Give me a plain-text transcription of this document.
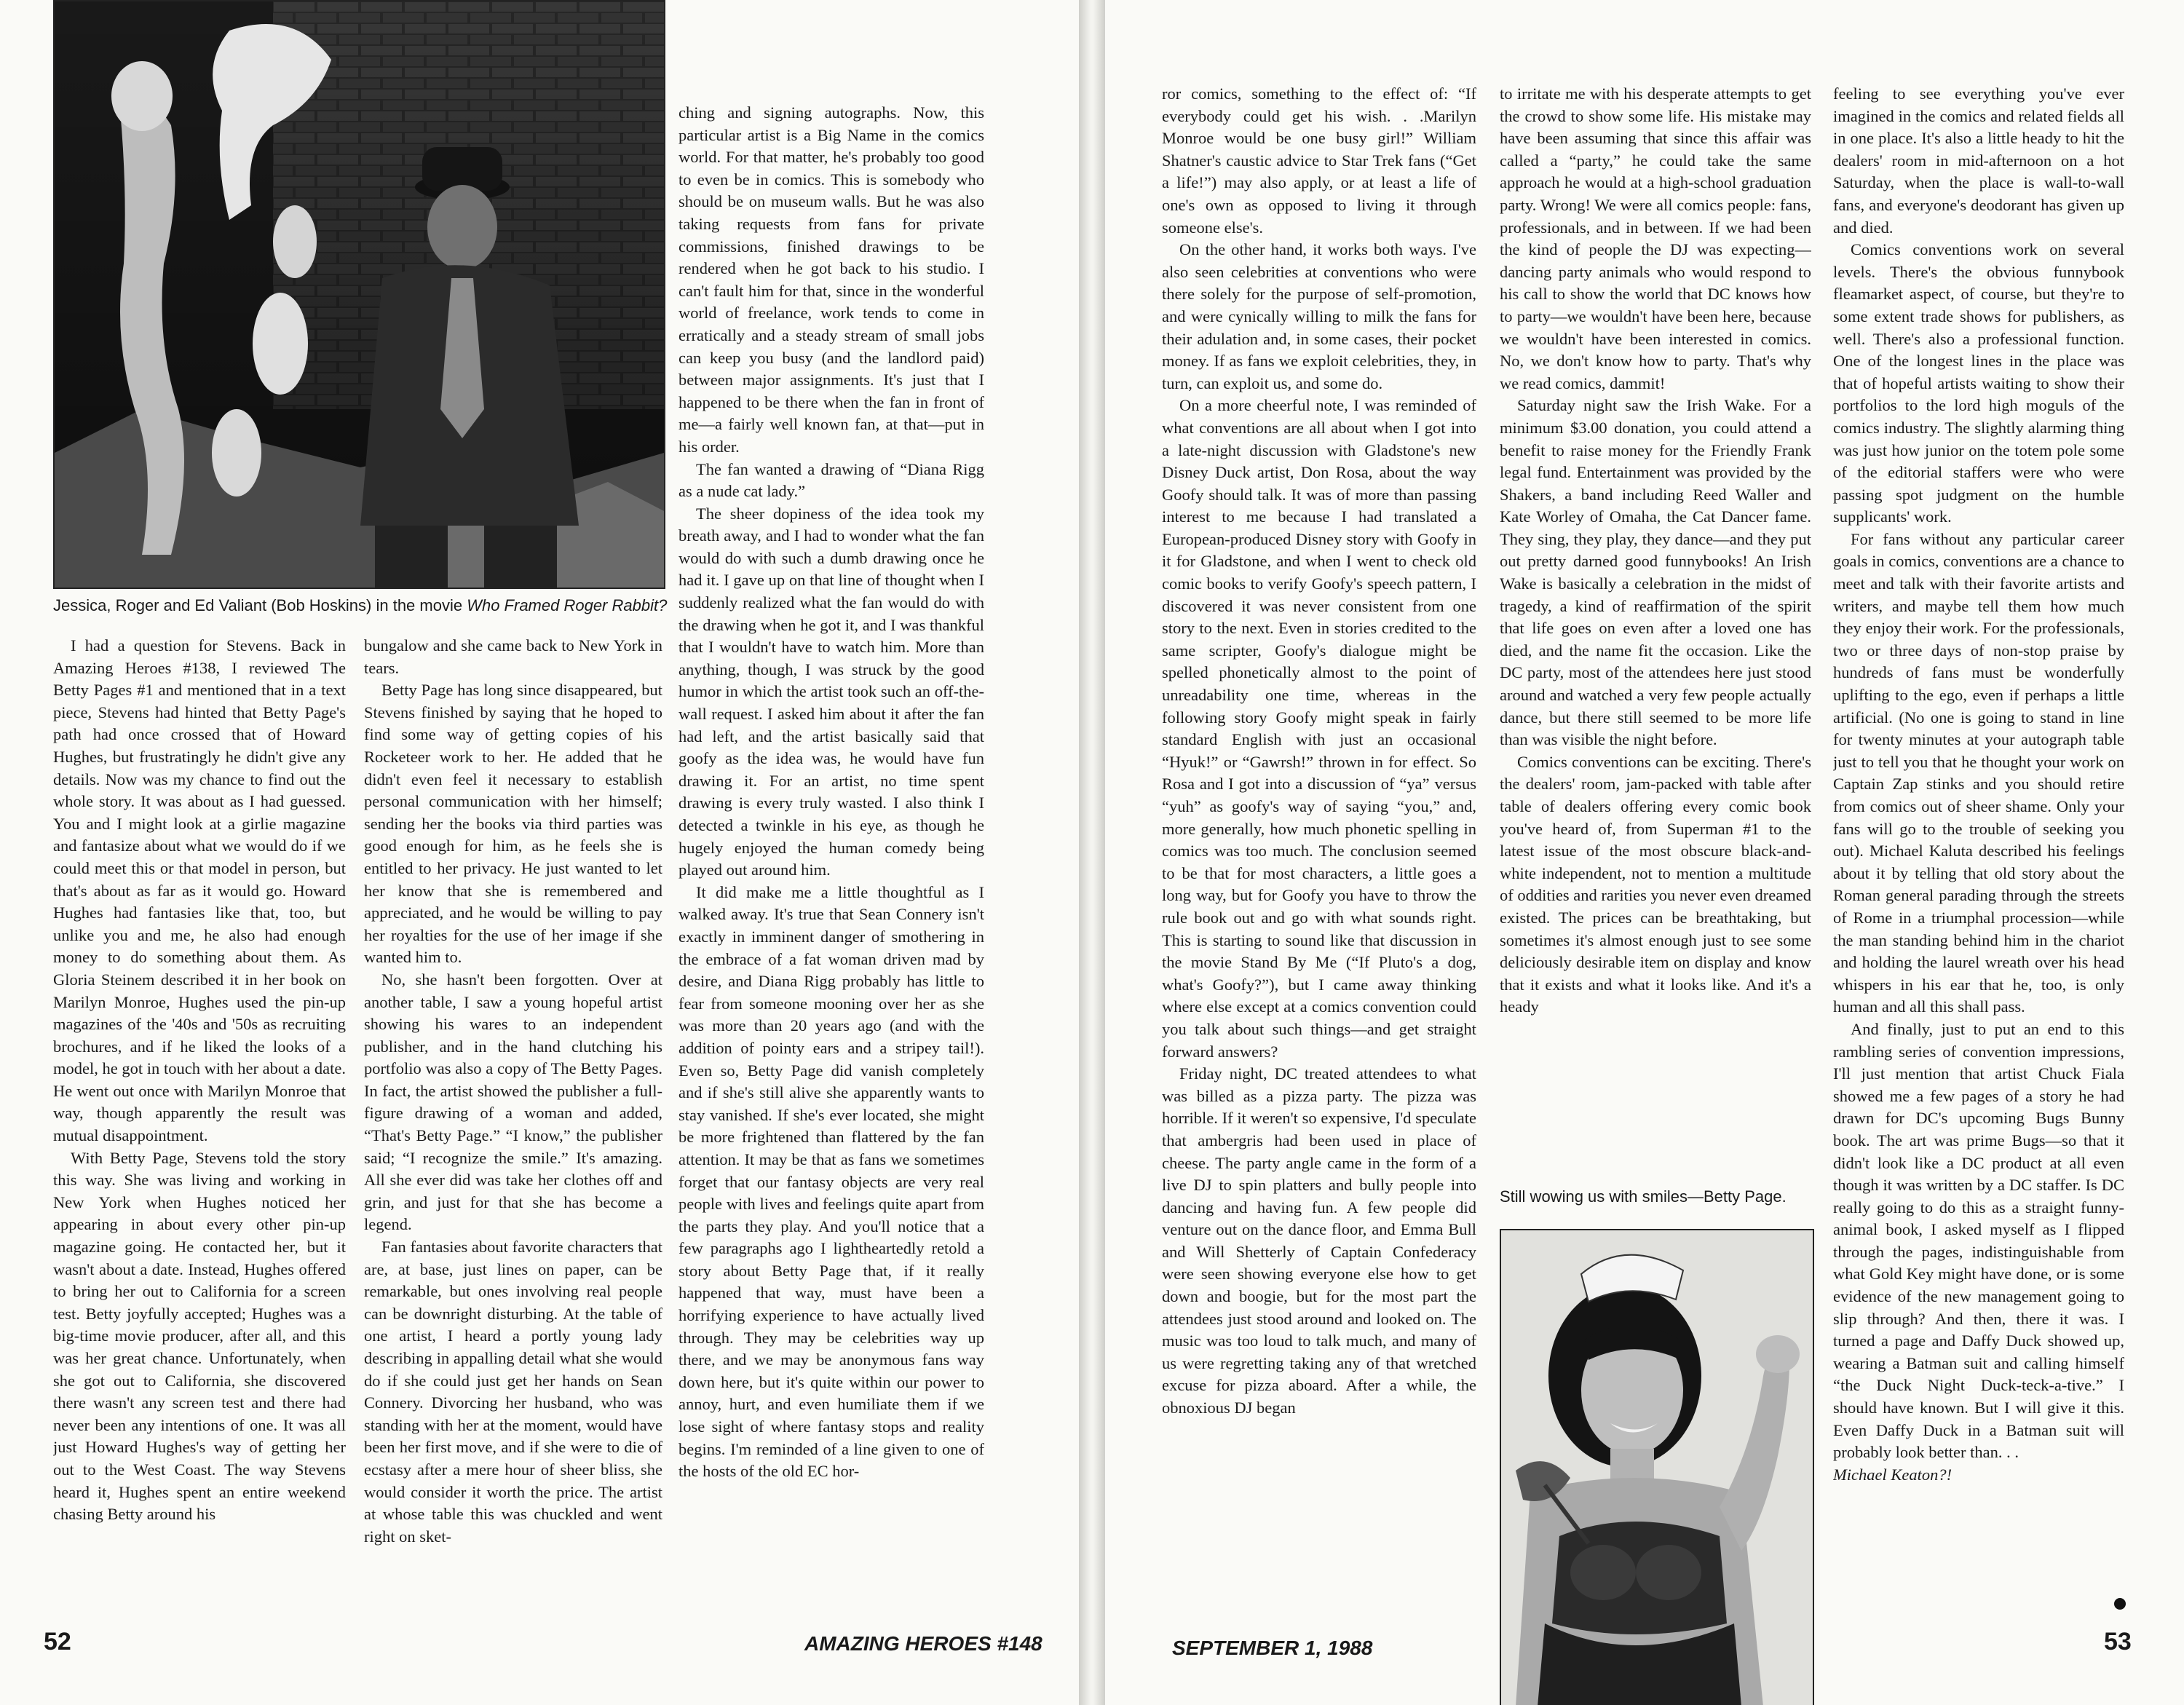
Jessica, Roger and Ed Valiant (Bob Hoskins) in the movie Who Framed Roger Rabbit?

I had a question for Stevens. Back in Amazing Heroes #138, I reviewed The Betty Pages #1 and mentioned that in a text piece, Stevens had hinted that Betty Page's path had once crossed that of Howard Hughes, but frustratingly he didn't give any details. Now was my chance to find out the whole story. It was about as I had guessed. You and I might look at a girlie magazine and fantasize about what we would do if we could meet this or that model in person, but that's about as far as it would go. Howard Hughes had fantasies like that, too, but unlike you and me, he also had enough money to do something about them. As Gloria Steinem described it in her book on Marilyn Monroe, Hughes used the pin-up magazines of the '40s and '50s as recruiting brochures, and if he liked the looks of a model, he got in touch with her about a date. He went out once with Marilyn Monroe that way, though apparently the result was mutual disappointment.

With Betty Page, Stevens told the story this way. She was living and working in New York when Hughes noticed her appearing in about every other pin-up magazine going. He contacted her, but it wasn't about a date. Instead, Hughes offered to bring her out to California for a screen test. Betty joyfully accepted; Hughes was a big-time movie producer, after all, and this was her great chance. Unfortunately, when she got out to California, she discovered there wasn't any screen test and there had never been any intentions of one. It was all just Howard Hughes's way of getting her out to the West Coast. The way Stevens heard it, Hughes spent an entire weekend chasing Betty around his

bungalow and she came back to New York in tears.

Betty Page has long since disappeared, but Stevens finished by saying that he hoped to find some way of getting copies of his Rocketeer work to her. He added that he didn't even feel it necessary to establish personal communication with her himself; sending her the books via third parties was good enough for him, as he feels she is entitled to her privacy. He just wanted to let her know that she is remembered and appreciated, and he would be willing to pay her royalties for the use of her image if she wanted him to.

No, she hasn't been forgotten. Over at another table, I saw a young hopeful artist showing his wares to an independent publisher, and in the hand clutching his portfolio was also a copy of The Betty Pages. In fact, the artist showed the publisher a full-figure drawing of a woman and added, “That's Betty Page.” “I know,” the publisher said; “I recognize the smile.” It's amazing. All she ever did was take her clothes off and grin, and just for that she has become a legend.

Fan fantasies about favorite characters that are, at base, just lines on paper, can be remarkable, but ones involving real people can be downright disturbing. At the table of one artist, I heard a portly young lady describing in appalling detail what she would do if she could just get her hands on Sean Connery. Divorcing her husband, who was standing with her at the moment, would have been her first move, and if she were to die of ecstasy after a mere hour of sheer bliss, she would consider it worth the price. The artist at whose table this was chuckled and went right on sket-

ching and signing autographs. Now, this particular artist is a Big Name in the comics world. For that matter, he's probably too good to even be in comics. This is somebody who should be on museum walls. But he was also taking requests from fans for private commissions, finished drawings to be rendered when he got back to his studio. I can't fault him for that, since in the wonderful world of freelance, work tends to come in erratically and a steady stream of small jobs can keep you busy (and the landlord paid) between major assignments. It's just that I happened to be there when the fan in front of me—a fairly well known fan, at that—put in his order.

The fan wanted a drawing of “Diana Rigg as a nude cat lady.”

The sheer dopiness of the idea took my breath away, and I had to wonder what the fan would do with such a dumb drawing once he had it. I gave up on that line of thought when I suddenly realized what the fan would do with the drawing when he got it, and I was thankful that I wouldn't have to watch him. More than anything, though, I was struck by the good humor in which the artist took such an off-the-wall request. I asked him about it after the fan had left, and the artist basically said that goofy as the idea was, he would have fun drawing it. For an artist, no time spent drawing is every truly wasted. I also think I detected a twinkle in his eye, as though he hugely enjoyed the human comedy being played out around him.

It did make me a little thoughtful as I walked away. It's true that Sean Connery isn't exactly in imminent danger of smothering in the embrace of a fat woman driven mad by desire, and Diana Rigg probably has little to fear from someone mooning over her as she was more than 20 years ago (and with the addition of pointy ears and a stripey tail!). Even so, Betty Page did vanish completely and if she's still alive she apparently wants to stay vanished. If she's ever located, she might be more frightened than flattered by the fan attention. It may be that as fans we sometimes forget that our fantasy objects are very real people with lives and feelings quite apart from the parts they play. And you'll notice that a few paragraphs ago I lightheartedly retold a story about Betty Page that, if it really happened that way, must have been a horrifying experience to have actually lived through. They may be celebrities way up there, and we may be anonymous fans way down here, but it's quite within our power to annoy, hurt, and even humiliate them if we lose sight of where fantasy stops and reality begins. I'm reminded of a line given to one of the hosts of the old EC hor-

52	AMAZING HEROES #148

ror comics, something to the effect of: “If everybody could get his wish. . .Marilyn Monroe would be one busy girl!” William Shatner's caustic advice to Star Trek fans (“Get a life!”) may also apply, or at least a life of one's own as opposed to living it through someone else's.

On the other hand, it works both ways. I've also seen celebrities at conventions who were there solely for the purpose of self-promotion, and were cynically willing to milk the fans for their adulation and, in some cases, their pocket money. If as fans we exploit celebrities, they, in turn, can exploit us, and some do.

On a more cheerful note, I was reminded of what conventions are all about when I got into a late-night discussion with Gladstone's new Disney Duck artist, Don Rosa, about the way Goofy should talk. It was of more than passing interest to me because I had translated a European-produced Disney story with Goofy in it for Gladstone, and when I went to check old comic books to verify Goofy's speech pattern, I discovered it was never consistent from one story to the next. Even in stories credited to the same scripter, Goofy's dialogue might be spelled phonetically almost to the point of unreadability one time, whereas in the following story Goofy might speak in fairly standard English with just an occasional “Hyuk!” or “Gawrsh!” thrown in for effect. So Rosa and I got into a discussion of “ya” versus “yuh” as goofy's way of saying “you,” and, more generally, how much phonetic spelling in comics was too much. The conclusion seemed to be that for most characters, a little goes a long way, but for Goofy you have to throw the rule book out and go with what sounds right. This is starting to sound like that discussion in the movie Stand By Me (“If Pluto's a dog, what's Goofy?”), but I came away thinking where else except at a comics convention could you talk about such things—and get straight forward answers?

Friday night, DC treated attendees to what was billed as a pizza party. The pizza was horrible. If it weren't so expensive, I'd speculate that ambergris had been used in place of cheese. The party angle came in the form of a live DJ to spin platters and bully people into dancing and having fun. A few people did venture out on the dance floor, and Emma Bull and Will Shetterly of Captain Confederacy were seen showing everyone else how to get down and boogie, but for the most part the attendees just stood around and looked on. The music was too loud to talk much, and many of us were regretting taking any of that wretched excuse for pizza aboard. After a while, the obnoxious DJ began

to irritate me with his desperate attempts to get the crowd to show some life. His mistake may have been assuming that since this affair was called a “party,” he could take the same approach he would at a high-school graduation party. Wrong! We were all comics people: fans, professionals, and in between. If we had been the kind of people the DJ was expecting—dancing party animals who would respond to his call to show the world that DC knows how to party—we wouldn't have been here, because we wouldn't have been interested in comics. No, we don't know how to party. That's why we read comics, dammit!

Saturday night saw the Irish Wake. For a minimum $3.00 donation, you could attend a benefit to raise money for the Friendly Frank legal fund. Entertainment was provided by the Shakers, a band including Reed Waller and Kate Worley of Omaha, the Cat Dancer fame. They sing, they play, they dance—and they put out pretty darned good funnybooks! An Irish Wake is basically a celebration in the midst of tragedy, a kind of reaffirmation of the spirit that life goes on even after a loved one has died, and the name fit the occasion. Like the DC party, most of the attendees here just stood around and watched a very few people actually dance, but there still seemed to be more life than was visible the night before.

Comics conventions can be exciting. There's the dealers' room, jam-packed with table after table of dealers offering every comic book you've heard of, from Superman #1 to the latest issue of the most obscure black-and-white independent, not to mention a multitude of oddities and rarities you never even dreamed existed. The prices can be breathtaking, but sometimes it's almost enough just to see some deliciously desirable item on display and know that it exists and what it looks like. And it's a heady

Still wowing us with smiles—Betty Page.

feeling to see everything you've ever imagined in the comics and related fields all in one place. It's also a little heady to hit the dealers' room in mid-afternoon on a hot Saturday, when the place is wall-to-wall fans, and everyone's deodorant has given up and died.

Comics conventions work on several levels. There's the obvious funnybook fleamarket aspect, of course, but they're to some extent trade shows for publishers, as well. There's also a professional function. One of the longest lines in the place was that of hopeful artists waiting to show their portfolios to the lord high moguls of the comics industry. The slightly alarming thing was just how junior on the totem pole some of the editorial staffers were who were passing spot judgment on the humble supplicants' work.

For fans without any particular career goals in comics, conventions are a chance to meet and talk with their favorite artists and writers, and maybe tell them how much they enjoy their work. For the professionals, two or three days of non-stop praise by hundreds of fans must be wonderfully uplifting to the ego, even if perhaps a little artificial. (No one is going to stand in line for twenty minutes at your autograph table just to tell you that he thought your work on Captain Zap stinks and you should retire from comics out of sheer shame. Only your fans will go to the trouble of seeking you out). Michael Kaluta described his feelings about it by telling that old story about the Roman general parading through the streets of Rome in a triumphal procession—while the man standing behind him in the chariot and holding the laurel wreath over his head whispers in his ear that he, too, is only human and all this shall pass.

And finally, just to put an end to this rambling series of convention impressions, I'll just mention that artist Chuck Fiala showed me a few pages of a story he had drawn for DC's upcoming Bugs Bunny book. The art was prime Bugs—so that it didn't look like a DC product at all even though it was written by a DC staffer. Is DC really going to do this as a straight funny-animal book, I asked myself as I flipped through the pages, indistinguishable from what Gold Key might have done, or is some evidence of the new management going to slip through? And then, there it was. I turned a page and Daffy Duck showed up, wearing a Batman suit and calling himself “the Duck Night Duck-teck-a-tive.” I should have known. But I will give it this. Even Daffy Duck in a Batman suit will probably look better than. . .

Michael Keaton?!

SEPTEMBER 1, 1988	53
